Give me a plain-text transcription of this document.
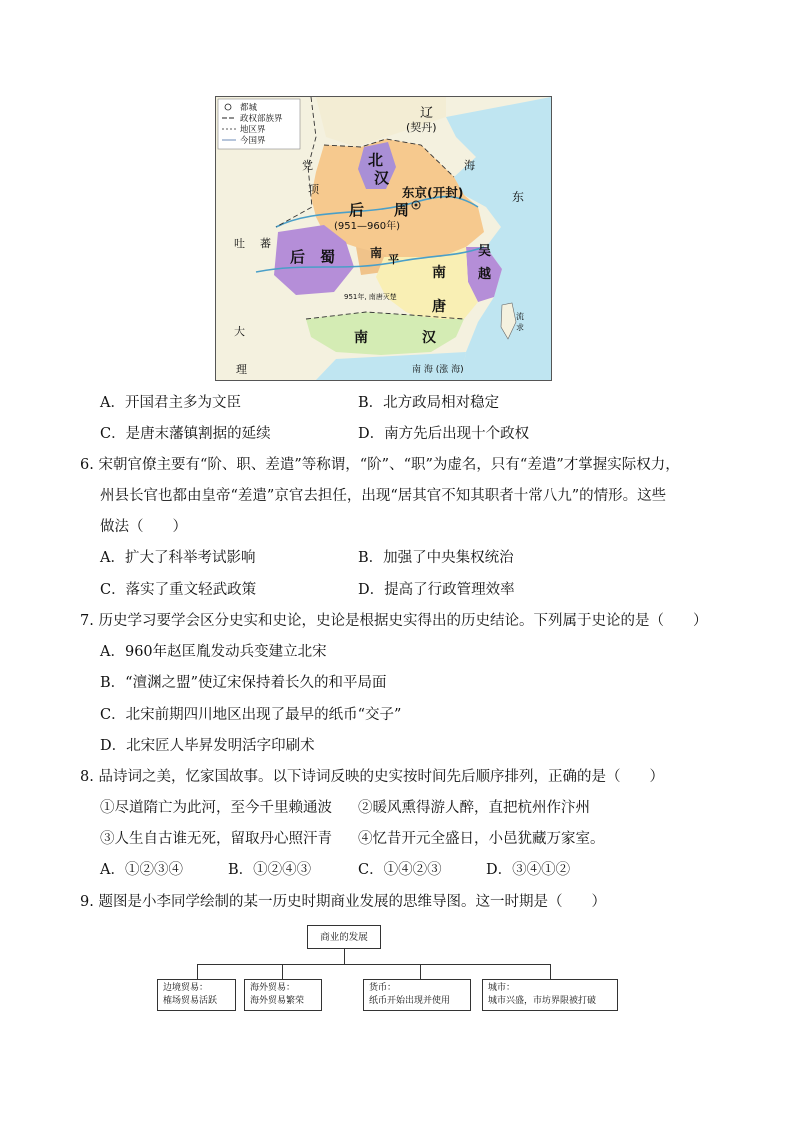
都城
政权部族界
地区界
今国界
辽
(契丹)
北
汉
东京(开封)
后 周
(951—960年)
后 蜀	南 平
吴
越
南
唐
951年, 南唐灭楚
南	汉
吐 蕃
党
项
大
理
海
东
流
求
南 海 (涨 海)
A．开国君主多为文臣	B．北方政局相对稳定
C．是唐末藩镇割据的延续	D．南方先后出现十个政权
6. 宋朝官僚主要有“阶、职、差遣”等称谓，“阶”、“职”为虚名，只有“差遣”才掌握实际权力，
州县长官也都由皇帝“差遣”京官去担任，出现“居其官不知其职者十常八九”的情形。这些
做法（　　）
A．扩大了科举考试影响	B．加强了中央集权统治
C．落实了重文轻武政策	D．提高了行政管理效率
7. 历史学习要学会区分史实和史论，史论是根据史实得出的历史结论。下列属于史论的是（　　）
A．960年赵匡胤发动兵变建立北宋
B．“澶渊之盟”使辽宋保持着长久的和平局面
C．北宋前期四川地区出现了最早的纸币“交子”
D．北宋匠人毕昇发明活字印刷术
8. 品诗词之美，忆家国故事。以下诗词反映的史实按时间先后顺序排列，正确的是（　　）
①尽道隋亡为此河，至今千里赖通波 ②暖风熏得游人醉，直把杭州作汴州
③人生自古谁无死，留取丹心照汗青 ④忆昔开元全盛日，小邑犹藏万家室。
A．①②③④	B．①②④③	C．①④②③	D．③④①②
9. 题图是小李同学绘制的某一历史时期商业发展的思维导图。这一时期是（　　）
商业的发展
边境贸易：
榷场贸易活跃
海外贸易：
海外贸易繁荣
货币：
纸币开始出现并使用
城市：
城市兴盛，市坊界限被打破
